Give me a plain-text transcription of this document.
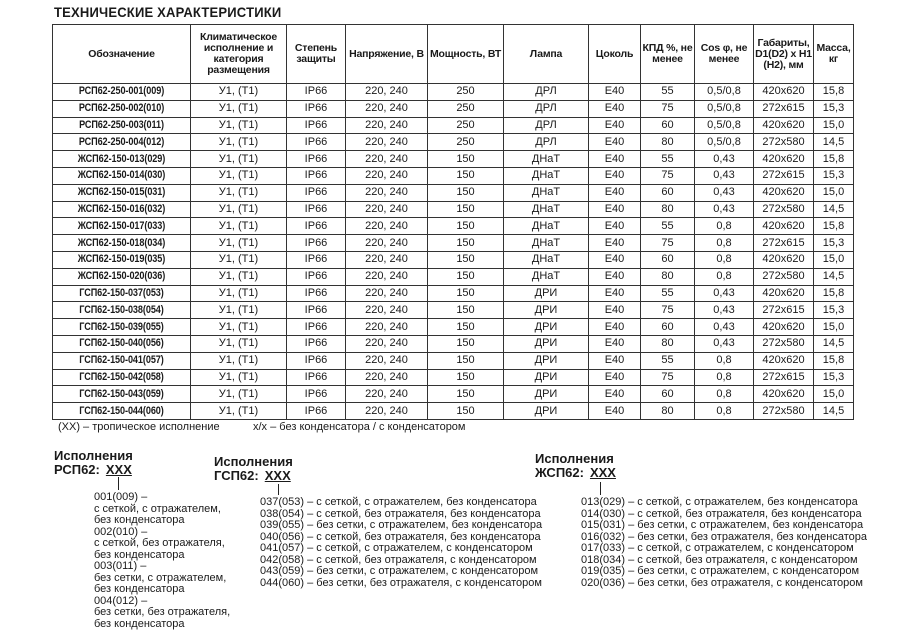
ТЕХНИЧЕСКИЕ ХАРАКТЕРИСТИКИ
Обозначение	Климатическое исполнение и категория размещения	Степень защиты	Напряжение, В	Мощность, ВТ	Лампа	Цоколь	КПД %, не менее	Cos φ, не менее	Габариты, D1(D2) x H1 (H2), мм	Масса, кг

РСП62-250-001(009)	У1, (Т1)	IP66	220, 240	250	ДРЛ	Е40	55	0,5/0,8	420х620	15,8

РСП62-250-002(010)	У1, (Т1)	IP66	220, 240	250	ДРЛ	Е40	75	0,5/0,8	272х615	15,3

РСП62-250-003(011)	У1, (Т1)	IP66	220, 240	250	ДРЛ	Е40	60	0,5/0,8	420х620	15,0

РСП62-250-004(012)	У1, (Т1)	IP66	220, 240	250	ДРЛ	Е40	80	0,5/0,8	272х580	14,5

ЖСП62-150-013(029)	У1, (Т1)	IP66	220, 240	150	ДНаТ	Е40	55	0,43	420х620	15,8

ЖСП62-150-014(030)	У1, (Т1)	IP66	220, 240	150	ДНаТ	Е40	75	0,43	272х615	15,3

ЖСП62-150-015(031)	У1, (Т1)	IP66	220, 240	150	ДНаТ	Е40	60	0,43	420х620	15,0

ЖСП62-150-016(032)	У1, (Т1)	IP66	220, 240	150	ДНаТ	Е40	80	0,43	272х580	14,5

ЖСП62-150-017(033)	У1, (Т1)	IP66	220, 240	150	ДНаТ	Е40	55	0,8	420х620	15,8

ЖСП62-150-018(034)	У1, (Т1)	IP66	220, 240	150	ДНаТ	Е40	75	0,8	272х615	15,3

ЖСП62-150-019(035)	У1, (Т1)	IP66	220, 240	150	ДНаТ	Е40	60	0,8	420х620	15,0

ЖСП62-150-020(036)	У1, (Т1)	IP66	220, 240	150	ДНаТ	Е40	80	0,8	272х580	14,5

ГСП62-150-037(053)	У1, (Т1)	IP66	220, 240	150	ДРИ	Е40	55	0,43	420х620	15,8

ГСП62-150-038(054)	У1, (Т1)	IP66	220, 240	150	ДРИ	Е40	75	0,43	272х615	15,3

ГСП62-150-039(055)	У1, (Т1)	IP66	220, 240	150	ДРИ	Е40	60	0,43	420х620	15,0

ГСП62-150-040(056)	У1, (Т1)	IP66	220, 240	150	ДРИ	Е40	80	0,43	272х580	14,5

ГСП62-150-041(057)	У1, (Т1)	IP66	220, 240	150	ДРИ	Е40	55	0,8	420х620	15,8

ГСП62-150-042(058)	У1, (Т1)	IP66	220, 240	150	ДРИ	Е40	75	0,8	272х615	15,3

ГСП62-150-043(059)	У1, (Т1)	IP66	220, 240	150	ДРИ	Е40	60	0,8	420х620	15,0

ГСП62-150-044(060)	У1, (Т1)	IP66	220, 240	150	ДРИ	Е40	80	0,8	272х580	14,5
(ХХ) – тропическое исполнение	х/х – без конденсатора / с конденсатором
Исполнения
РСП62: ХХХ
001(009) –
с сеткой, с отражателем,
без конденсатора
002(010) –
с сеткой, без отражателя,
без конденсатора
003(011) –
без сетки, с отражателем,
без конденсатора
004(012) –
без сетки, без отражателя,
без конденсатора
Исполнения
ГСП62: ХХХ
037(053) – с сеткой, с отражателем, без конденсатора
038(054) – с сеткой, без отражателя, без конденсатора
039(055) – без сетки, с отражателем, без конденсатора
040(056) – с сеткой, без отражателя, без конденсатора
041(057) – с сеткой, с отражателем, с конденсатором
042(058) – с сеткой, без отражателя, с конденсатором
043(059) – без сетки, с отражателем, с конденсатором
044(060) – без сетки, без отражателя, с конденсатором
Исполнения
ЖСП62: ХХХ
013(029) – с сеткой, с отражателем, без конденсатора
014(030) – с сеткой, без отражателя, без конденсатора
015(031) – без сетки, с отражателем, без конденсатора
016(032) – без сетки, без отражателя, без конденсатора
017(033) – с сеткой, с отражателем, с конденсатором
018(034) – с сеткой, без отражателя, с конденсатором
019(035) – без сетки, с отражателем, с конденсатором
020(036) – без сетки, без отражателя, с конденсатором
